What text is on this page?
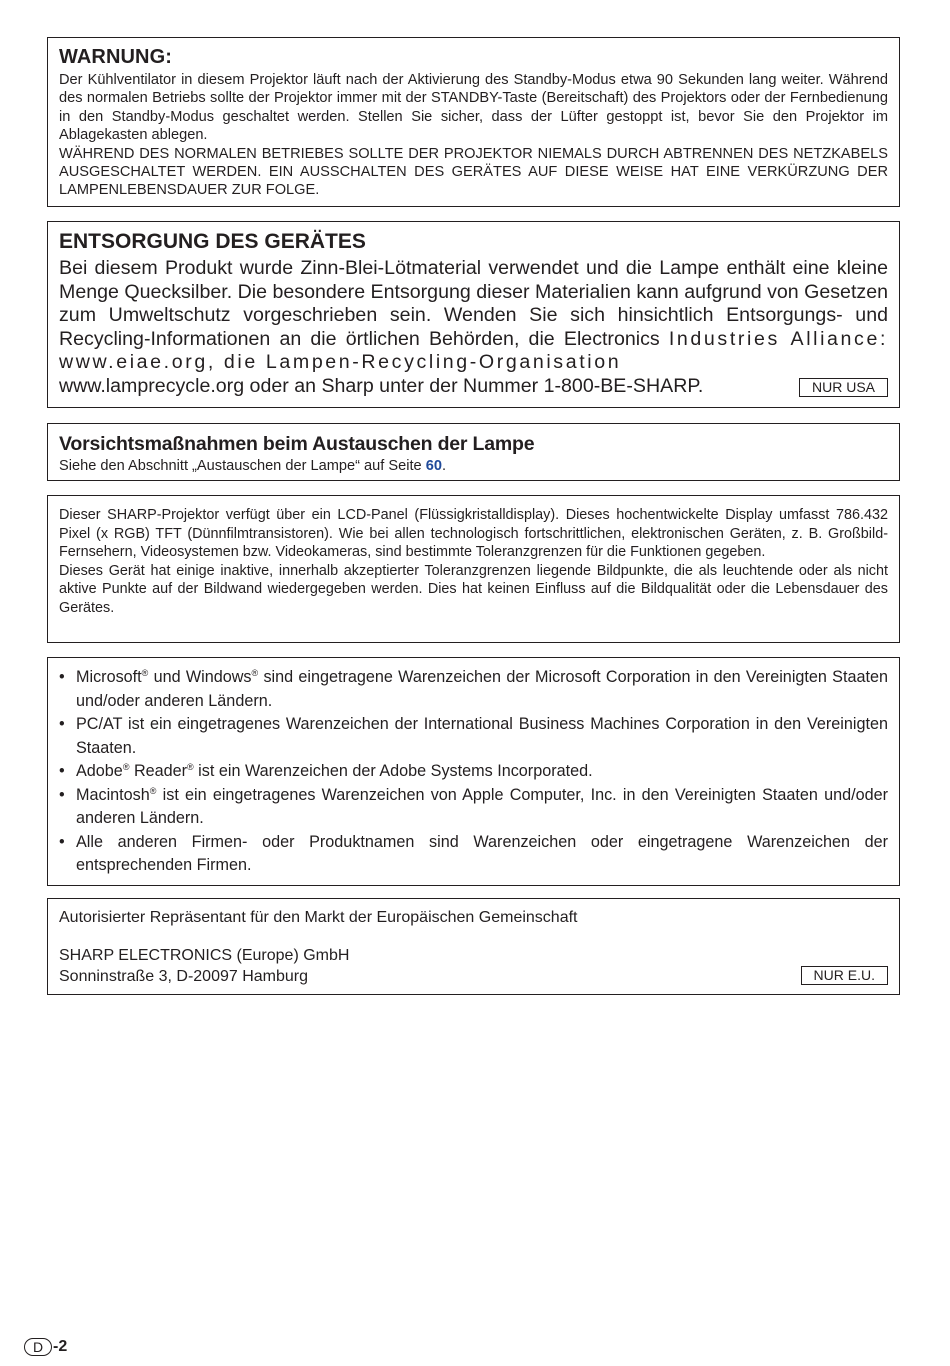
WARNUNG:

Der Kühlventilator in diesem Projektor läuft nach der Aktivierung des Standby-Modus etwa 90 Sekunden lang weiter. Während des normalen Betriebs sollte der Projektor immer mit der STANDBY-Taste (Bereitschaft) des Projektors oder der Fernbedienung in den Standby-Modus geschaltet werden. Stellen Sie sicher, dass der Lüfter gestoppt ist, bevor Sie den Projektor im Ablagekasten ablegen.

WÄHREND DES NORMALEN BETRIEBES SOLLTE DER PROJEKTOR NIEMALS DURCH ABTRENNEN DES NETZKABELS AUSGESCHALTET WERDEN. EIN AUSSCHALTEN DES GERÄTES AUF DIESE WEISE HAT EINE VERKÜRZUNG DER LAMPENLEBENSDAUER ZUR FOLGE.

ENTSORGUNG DES GERÄTES

Bei diesem Produkt wurde Zinn-Blei-Lötmaterial verwendet und die Lampe enthält eine kleine Menge Quecksilber. Die besondere Entsorgung dieser Materialien kann aufgrund von Gesetzen zum Umweltschutz vorgeschrieben sein. Wenden Sie sich hinsichtlich Entsorgungs- und Recycling-Informationen an die örtlichen Behörden, die Electronics Industries Alliance: www.eiae.org, die Lampen-Recycling-Organisation

www.lamprecycle.org oder an Sharp unter der Nummer 1-800-BE-SHARP.	NUR USA
Vorsichtsmaßnahmen beim Austauschen der Lampe

Siehe den Abschnitt „Austauschen der Lampe“ auf Seite 60.

Dieser SHARP-Projektor verfügt über ein LCD-Panel (Flüssigkristalldisplay). Dieses hochentwickelte Display umfasst 786.432 Pixel (x RGB) TFT (Dünnfilmtransistoren). Wie bei allen technologisch fortschrittlichen, elektronischen Geräten, z. B. Großbild-Fernsehern, Videosystemen bzw. Videokameras, sind bestimmte Toleranzgrenzen für die Funktionen gegeben.
Dieses Gerät hat einige inaktive, innerhalb akzeptierter Toleranzgrenzen liegende Bildpunkte, die als leuchtende oder als nicht aktive Punkte auf der Bildwand wiedergegeben werden. Dies hat keinen Einfluss auf die Bildqualität oder die Lebensdauer des Gerätes.

• Microsoft® und Windows® sind eingetragene Warenzeichen der Microsoft Corporation in den Vereinigten Staaten und/oder anderen Ländern.
• PC/AT ist ein eingetragenes Warenzeichen der International Business Machines Corporation in den Vereinigten Staaten.
• Adobe® Reader® ist ein Warenzeichen der Adobe Systems Incorporated.
• Macintosh® ist ein eingetragenes Warenzeichen von Apple Computer, Inc. in den Vereinigten Staaten und/oder anderen Ländern.
• Alle anderen Firmen- oder Produktnamen sind Warenzeichen oder eingetragene Warenzeichen der entsprechenden Firmen.

Autorisierter Repräsentant für den Markt der Europäischen Gemeinschaft

SHARP ELECTRONICS (Europe) GmbH

Sonninstraße 3, D-20097 Hamburg	NUR E.U.
D -2
